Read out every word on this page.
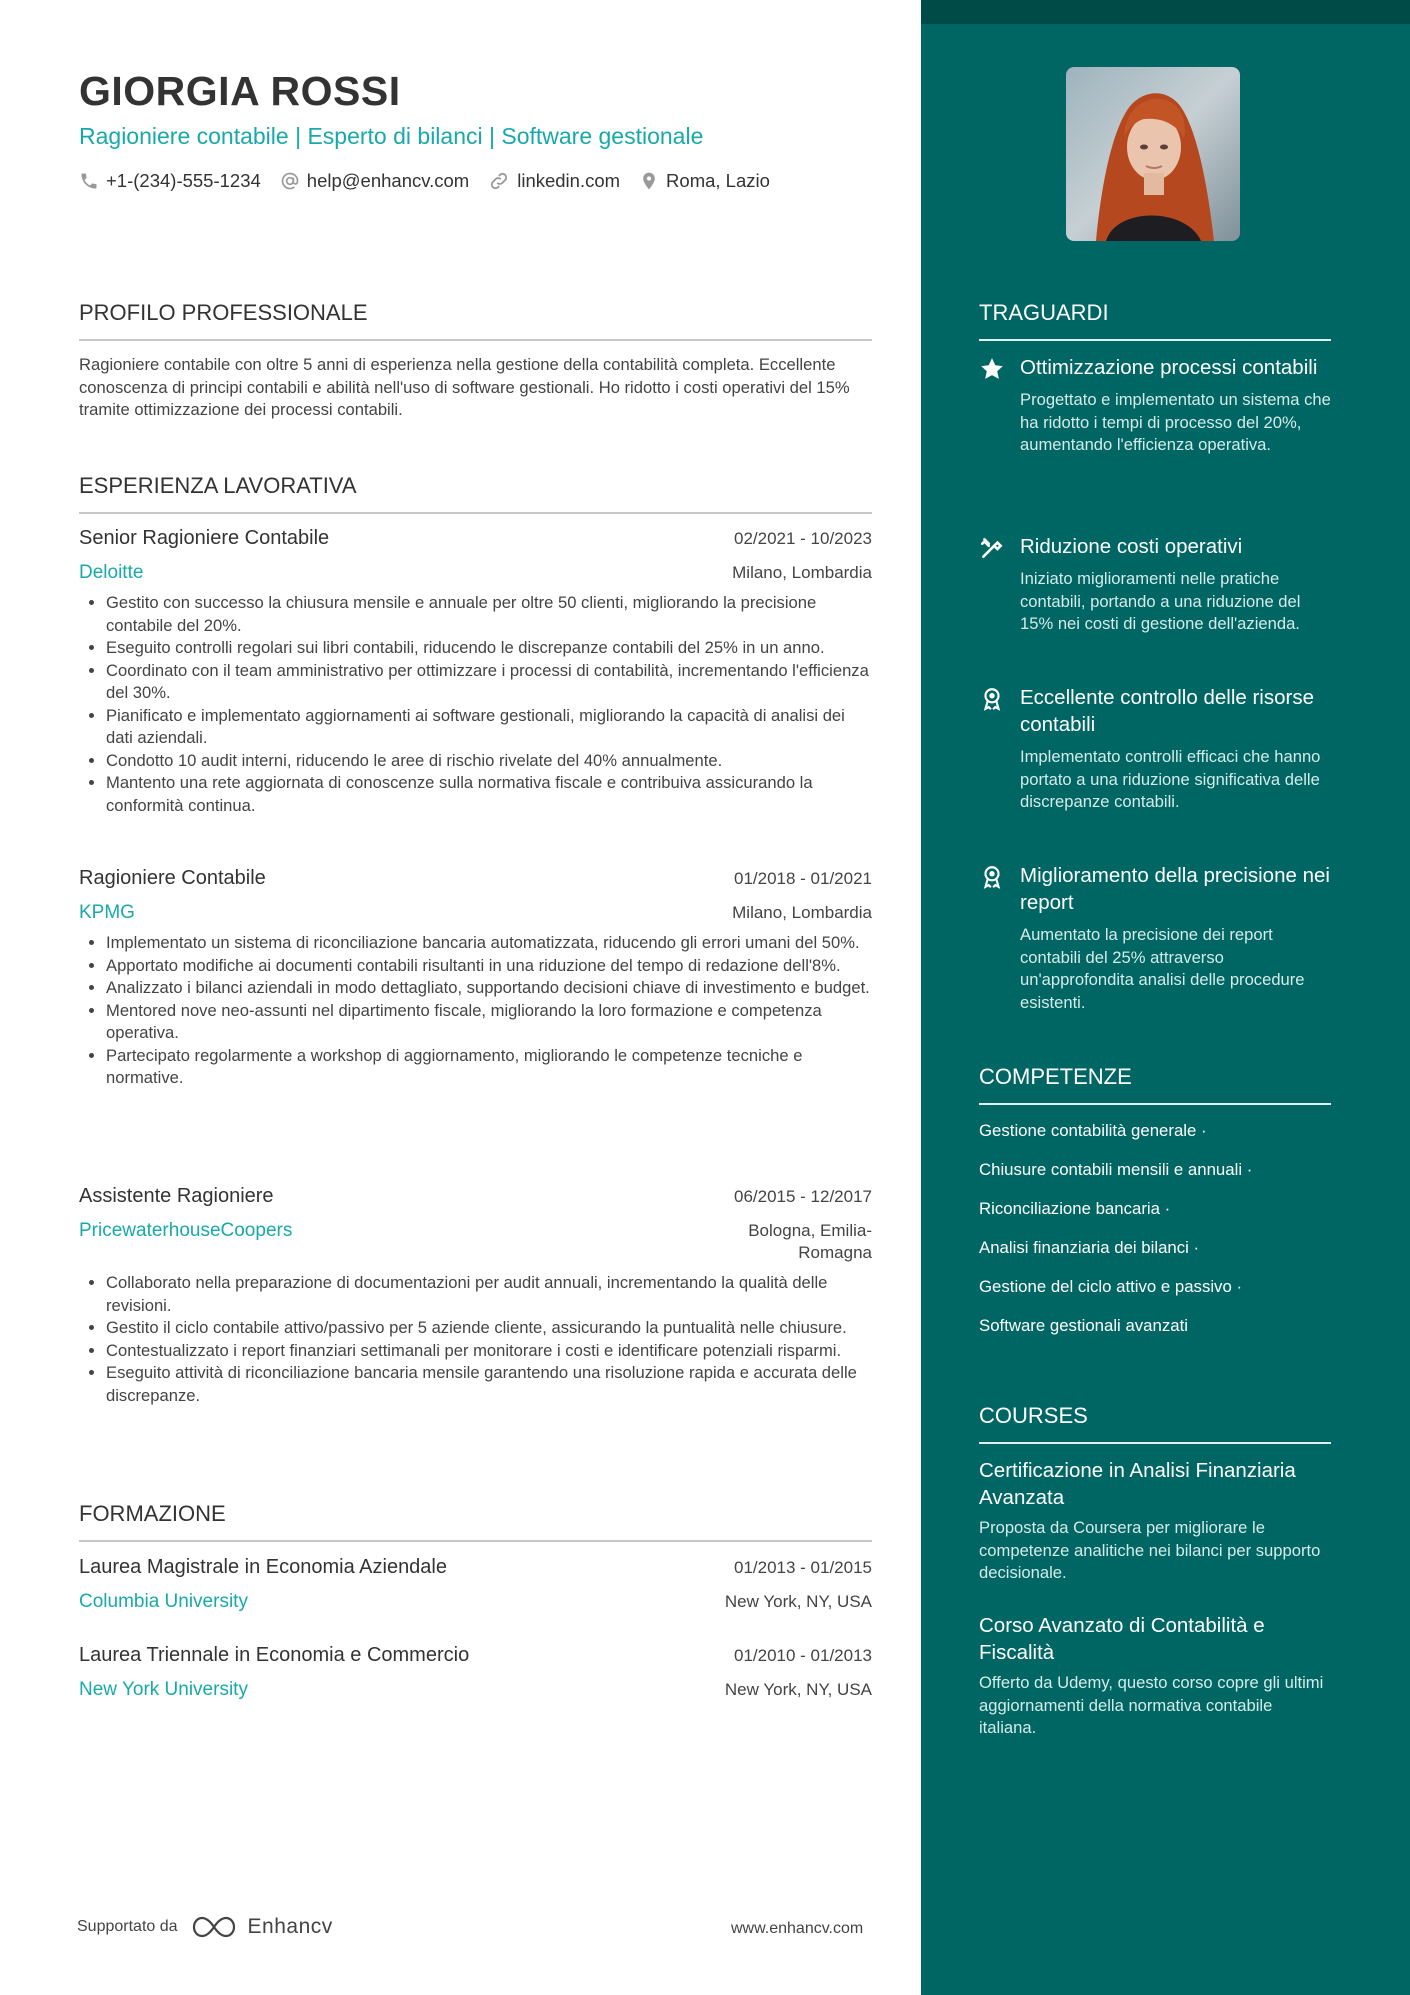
GIORGIA ROSSI
Ragioniere contabile | Esperto di bilanci | Software gestionale
+1-(234)-555-1234 help@enhancv.com	linkedin.com Roma, Lazio
PROFILO PROFESSIONALE
Ragioniere contabile con oltre 5 anni di esperienza nella gestione della contabilità completa. Eccellente conoscenza di principi contabili e abilità nell'uso di software gestionali. Ho ridotto i costi operativi del 15% tramite ottimizzazione dei processi contabili.
ESPERIENZA LAVORATIVA
Senior Ragioniere Contabile	02/2021 - 10/2023
Deloitte	Milano, Lombardia
• Gestito con successo la chiusura mensile e annuale per oltre 50 clienti, migliorando la precisione contabile del 20%.
• Eseguito controlli regolari sui libri contabili, riducendo le discrepanze contabili del 25% in un anno.
• Coordinato con il team amministrativo per ottimizzare i processi di contabilità, incrementando l'efficienza del 30%.
• Pianificato e implementato aggiornamenti ai software gestionali, migliorando la capacità di analisi dei dati aziendali.
• Condotto 10 audit interni, riducendo le aree di rischio rivelate del 40% annualmente.
• Mantento una rete aggiornata di conoscenze sulla normativa fiscale e contribuiva assicurando la conformità continua.
Ragioniere Contabile	01/2018 - 01/2021
KPMG	Milano, Lombardia
• Implementato un sistema di riconciliazione bancaria automatizzata, riducendo gli errori umani del 50%.
• Apportato modifiche ai documenti contabili risultanti in una riduzione del tempo di redazione dell'8%.
• Analizzato i bilanci aziendali in modo dettagliato, supportando decisioni chiave di investimento e budget.
• Mentored nove neo-assunti nel dipartimento fiscale, migliorando la loro formazione e competenza operativa.
• Partecipato regolarmente a workshop di aggiornamento, migliorando le competenze tecniche e normative.
Assistente Ragioniere	06/2015 - 12/2017
PricewaterhouseCoopers	Bologna, Emilia-
Romagna
• Collaborato nella preparazione di documentazioni per audit annuali, incrementando la qualità delle revisioni.
• Gestito il ciclo contabile attivo/passivo per 5 aziende cliente, assicurando la puntualità nelle chiusure.
• Contestualizzato i report finanziari settimanali per monitorare i costi e identificare potenziali risparmi.
• Eseguito attività di riconciliazione bancaria mensile garantendo una risoluzione rapida e accurata delle discrepanze.
FORMAZIONE
Laurea Magistrale in Economia Aziendale	01/2013 - 01/2015
Columbia University	New York, NY, USA
Laurea Triennale in Economia e Commercio	01/2010 - 01/2013
New York University	New York, NY, USA
Supportato da	Enhancv	www.enhancv.com
TRAGUARDI
Ottimizzazione processi contabili
Progettato e implementato un sistema che ha ridotto i tempi di processo del 20%, aumentando l'efficienza operativa.
Riduzione costi operativi
Iniziato miglioramenti nelle pratiche contabili, portando a una riduzione del 15% nei costi di gestione dell'azienda.
Eccellente controllo delle risorse contabili
Implementato controlli efficaci che hanno portato a una riduzione significativa delle discrepanze contabili.
Miglioramento della precisione nei report
Aumentato la precisione dei report contabili del 25% attraverso un'approfondita analisi delle procedure esistenti.
COMPETENZE
Gestione contabilità generale ·
Chiusure contabili mensili e annuali ·
Riconciliazione bancaria ·
Analisi finanziaria dei bilanci ·
Gestione del ciclo attivo e passivo ·
Software gestionali avanzati
COURSES
Certificazione in Analisi Finanziaria Avanzata
Proposta da Coursera per migliorare le competenze analitiche nei bilanci per supporto decisionale.
Corso Avanzato di Contabilità e Fiscalità
Offerto da Udemy, questo corso copre gli ultimi aggiornamenti della normativa contabile italiana.
